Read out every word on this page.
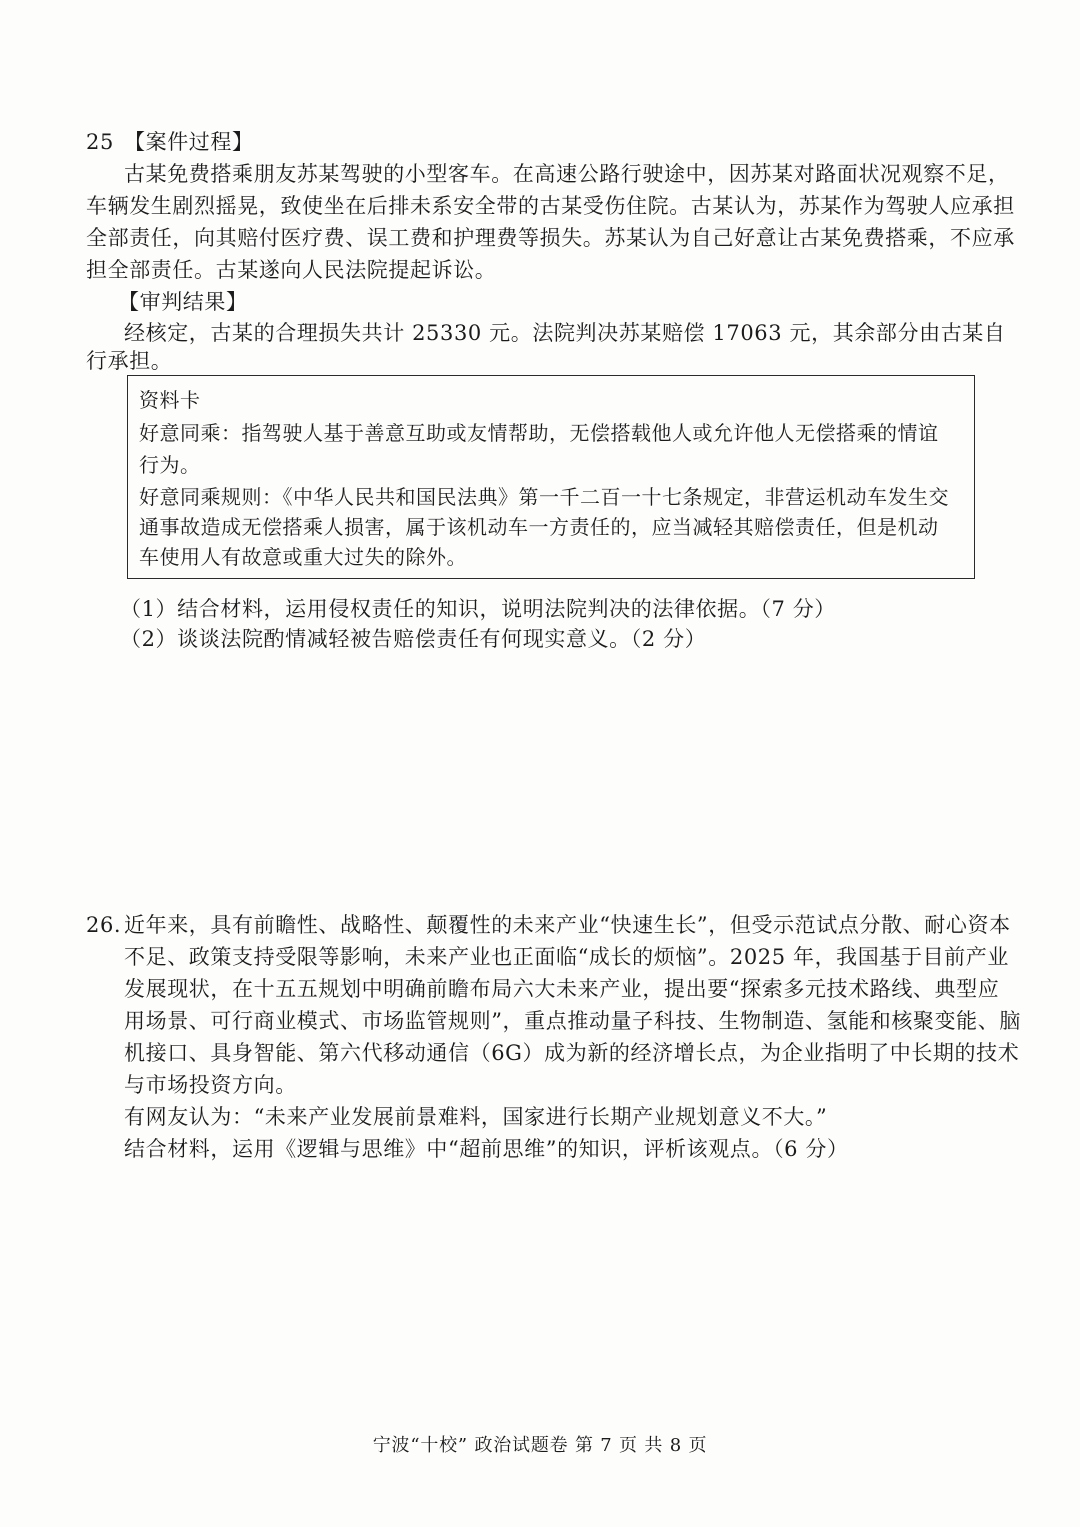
25 【案件过程】
古某免费搭乘朋友苏某驾驶的小型客车。在高速公路行驶途中，因苏某对路面状况观察不足，
车辆发生剧烈摇晃，致使坐在后排未系安全带的古某受伤住院。古某认为，苏某作为驾驶人应承担
全部责任，向其赔付医疗费、误工费和护理费等损失。苏某认为自己好意让古某免费搭乘，不应承
担全部责任。古某遂向人民法院提起诉讼。
【审判结果】
经核定，古某的合理损失共计 25330 元。法院判决苏某赔偿 17063 元，其余部分由古某自
行承担。
资料卡
好意同乘：指驾驶人基于善意互助或友情帮助，无偿搭载他人或允许他人无偿搭乘的情谊
行为。
好意同乘规则：《中华人民共和国民法典》第一千二百一十七条规定，非营运机动车发生交
通事故造成无偿搭乘人损害，属于该机动车一方责任的，应当减轻其赔偿责任，但是机动
车使用人有故意或重大过失的除外。
（1）结合材料，运用侵权责任的知识，说明法院判决的法律依据。（7 分）
（2）谈谈法院酌情减轻被告赔偿责任有何现实意义。（2 分）
26. 近年来，具有前瞻性、战略性、颠覆性的未来产业“快速生长”，但受示范试点分散、耐心资本
不足、政策支持受限等影响，未来产业也正面临“成长的烦恼”。2025 年，我国基于目前产业
发展现状，在十五五规划中明确前瞻布局六大未来产业，提出要“探索多元技术路线、典型应
用场景、可行商业模式、市场监管规则”，重点推动量子科技、生物制造、氢能和核聚变能、脑
机接口、具身智能、第六代移动通信（6G）成为新的经济增长点，为企业指明了中长期的技术
与市场投资方向。
有网友认为：“未来产业发展前景难料，国家进行长期产业规划意义不大。”
结合材料，运用《逻辑与思维》中“超前思维”的知识，评析该观点。（6 分）
宁波“十校” 政治试题卷 第 7 页 共 8 页
